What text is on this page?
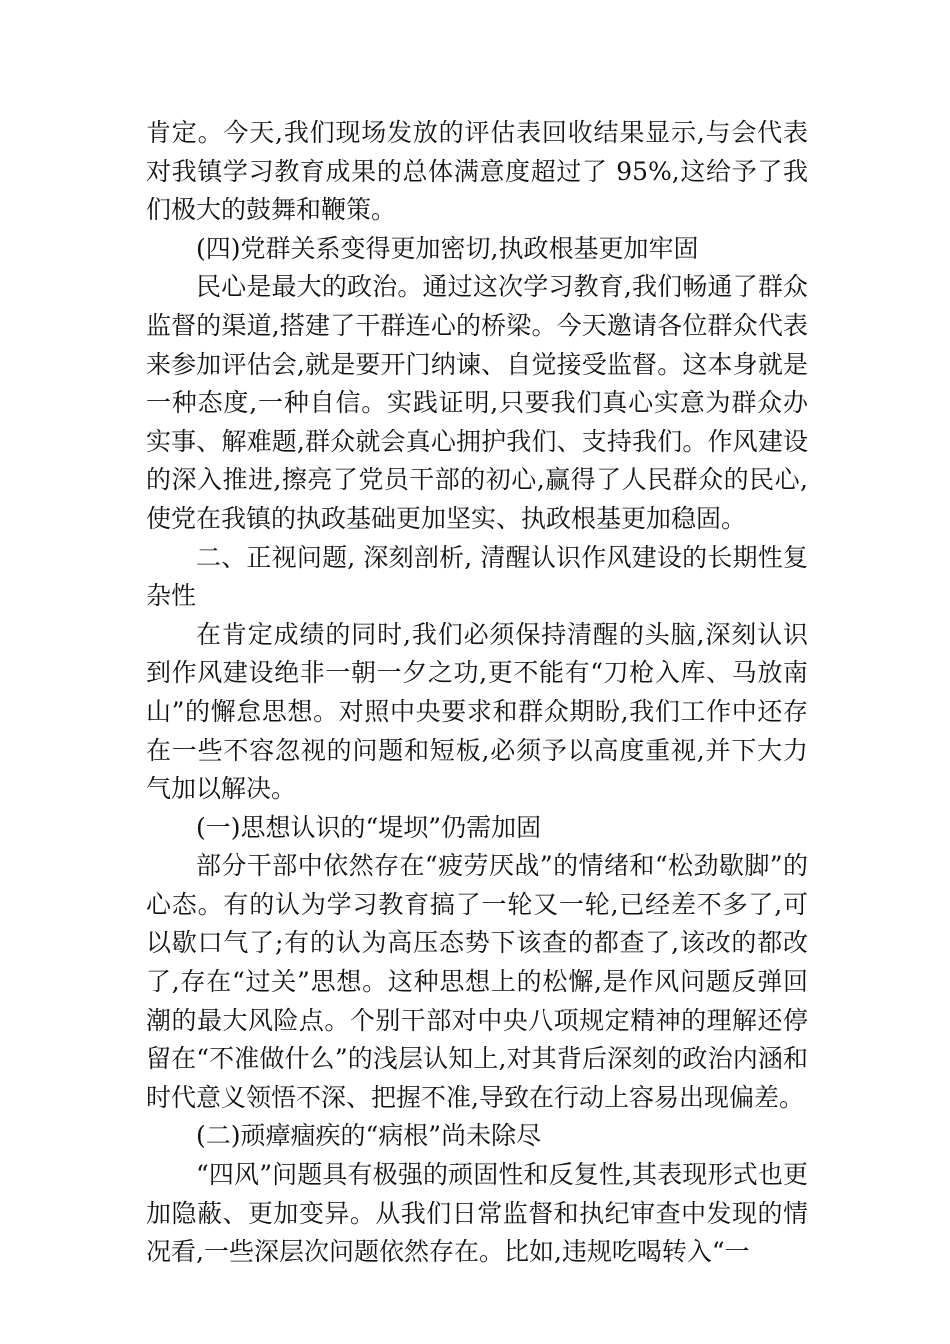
肯定。今天,我们现场发放的评估表回收结果显示,与会代表对我镇学习教育成果的总体满意度超过了 95%,这给予了我们极大的鼓舞和鞭策。

(四)党群关系变得更加密切,执政根基更加牢固

民心是最大的政治。通过这次学习教育,我们畅通了群众监督的渠道,搭建了干群连心的桥梁。今天邀请各位群众代表来参加评估会,就是要开门纳谏、自觉接受监督。这本身就是一种态度,一种自信。实践证明,只要我们真心实意为群众办实事、解难题,群众就会真心拥护我们、支持我们。作风建设的深入推进,擦亮了党员干部的初心,赢得了人民群众的民心,使党在我镇的执政基础更加坚实、执政根基更加稳固。

二、正视问题, 深刻剖析, 清醒认识作风建设的长期性复杂性

在肯定成绩的同时,我们必须保持清醒的头脑,深刻认识到作风建设绝非一朝一夕之功,更不能有“刀枪入库、马放南山”的懈怠思想。对照中央要求和群众期盼,我们工作中还存在一些不容忽视的问题和短板,必须予以高度重视,并下大力气加以解决。

(一)思想认识的“堤坝”仍需加固

部分干部中依然存在“疲劳厌战”的情绪和“松劲歇脚”的心态。有的认为学习教育搞了一轮又一轮,已经差不多了,可以歇口气了;有的认为高压态势下该查的都查了,该改的都改了,存在“过关”思想。这种思想上的松懈,是作风问题反弹回潮的最大风险点。个别干部对中央八项规定精神的理解还停留在“不准做什么”的浅层认知上,对其背后深刻的政治内涵和时代意义领悟不深、把握不准,导致在行动上容易出现偏差。

(二)顽瘴痼疾的“病根”尚未除尽

“四风”问题具有极强的顽固性和反复性,其表现形式也更加隐蔽、更加变异。从我们日常监督和执纪审查中发现的情况看,一些深层次问题依然存在。比如,违规吃喝转入“一
